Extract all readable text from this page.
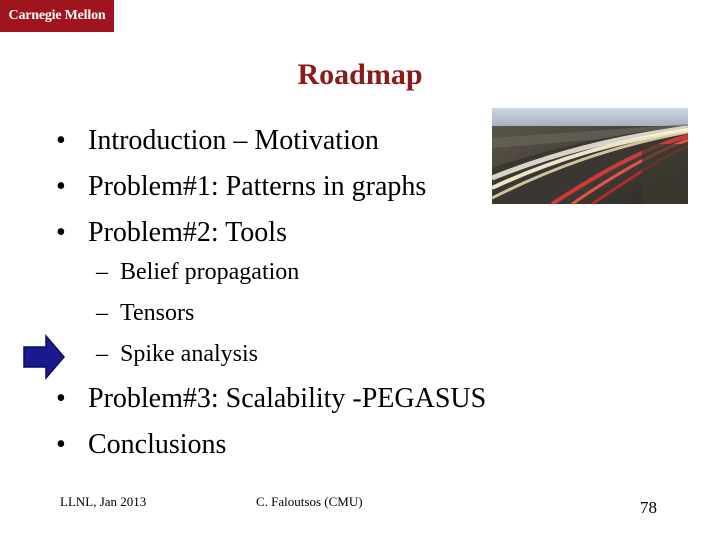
Carnegie Mellon
Roadmap
• Introduction – Motivation
• Problem#1: Patterns in graphs
• Problem#2: Tools
– Belief propagation
– Tensors
– Spike analysis
• Problem#3: Scalability -PEGASUS
• Conclusions
LLNL, Jan 2013	C. Faloutsos (CMU)	78
